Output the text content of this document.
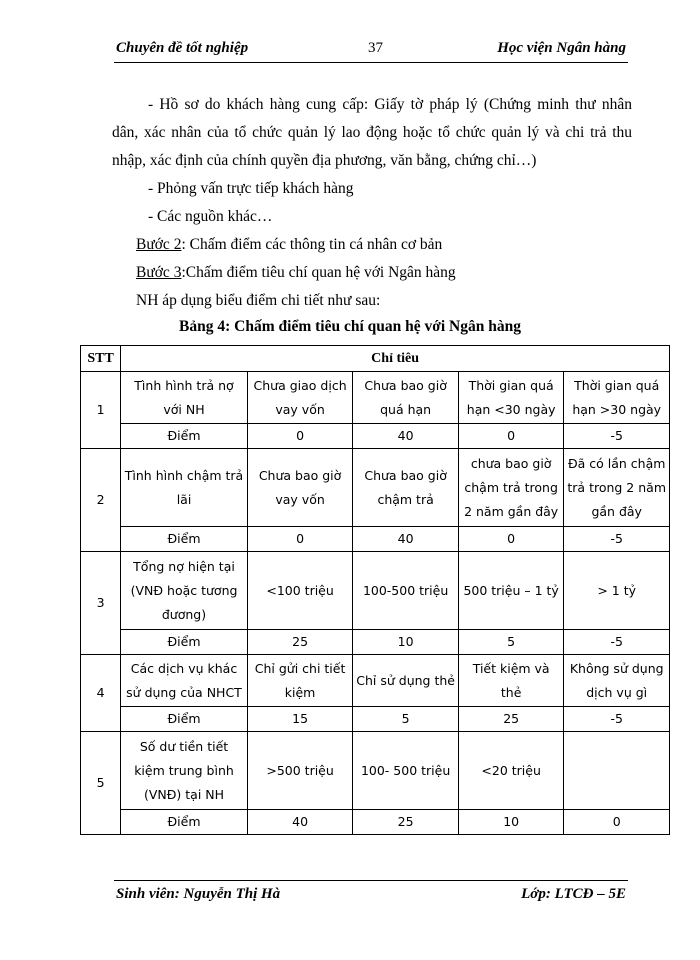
Chuyên đề tốt nghiệp	37	Học viện Ngân hàng
- Hồ sơ do khách hàng cung cấp: Giấy tờ pháp lý (Chứng minh thư nhân
dân, xác nhân của tổ chức quản lý lao động hoặc tổ chức quản lý và chi trả thu
nhập, xác định của chính quyền địa phương, văn bằng, chứng chỉ…)
- Phỏng vấn trực tiếp khách hàng
- Các nguồn khác…
Bước 2: Chấm điểm các thông tin cá nhân cơ bản
Bước 3:Chấm điểm tiêu chí quan hệ với Ngân hàng
NH áp dụng biểu điểm chi tiết như sau:
Bảng 4: Chấm điểm tiêu chí quan hệ với Ngân hàng
STT	Chỉ tiêu				
1	Tình hình trả nợ với NH	Chưa giao dịch vay vốn	Chưa bao giờ quá hạn	Thời gian quá hạn <30 ngày	Thời gian quá hạn >30 ngày
	Điểm	0	40	0	-5
2	Tình hình chậm trả lãi	Chưa bao giờ vay vốn	Chưa bao giờ chậm trả	chưa bao giờ chậm trả trong 2 năm gần đây	Đã có lần chậm trả trong 2 năm gần đây
	Điểm	0	40	0	-5
3	Tổng nợ hiện tại (VNĐ hoặc tương đương)	<100 triệu	100-500 triệu	500 triệu – 1 tỷ	> 1 tỷ
	Điểm	25	10	5	-5
4	Các dịch vụ khác sử dụng của NHCT	Chỉ gửi chi tiết kiệm	Chỉ sử dụng thẻ	Tiết kiệm và thẻ	Không sử dụng dịch vụ gì
	Điểm	15	5	25	-5
5	Số dư tiền tiết kiệm trung bình (VNĐ) tại NH	>500 triệu	100- 500 triệu	<20 triệu	
	Điểm	40	25	10	0
Sinh viên: Nguyễn Thị Hà	Lớp: LTCĐ – 5E
